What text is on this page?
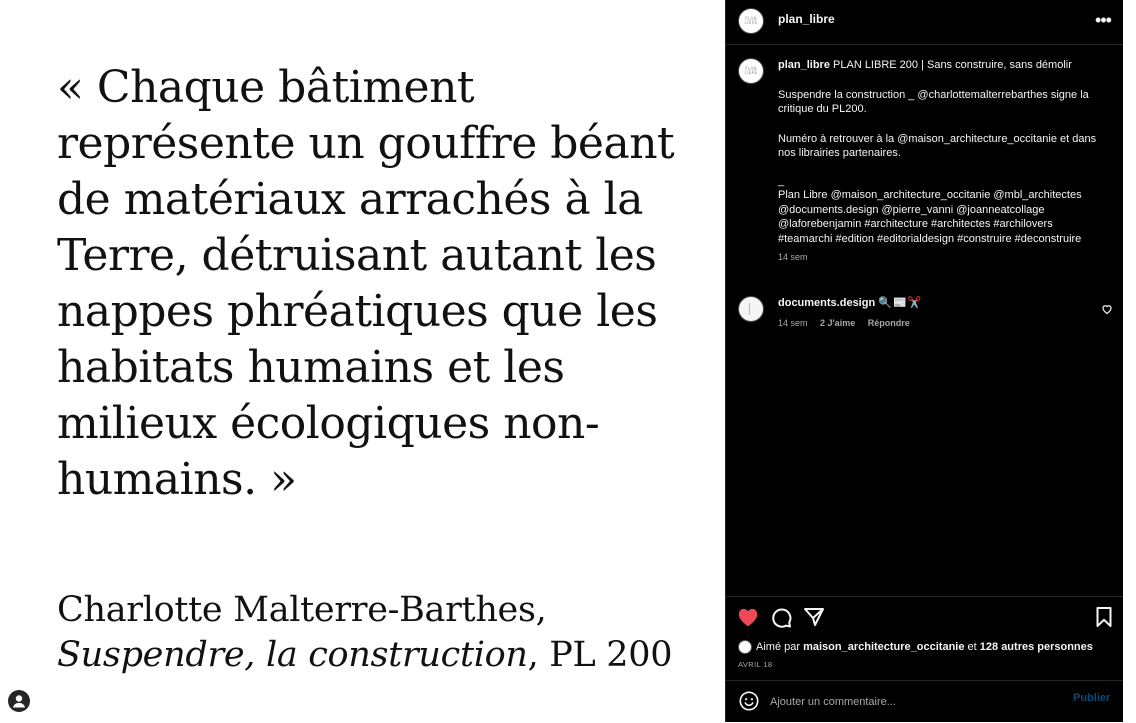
« Chaque bâtiment représente un gouffre béant de matériaux arrachés à la Terre, détruisant autant les nappes phréatiques que les habitats humains et les milieux écologiques non-humains. »

Charlotte Malterre-Barthes,
Suspendre, la construction, PL 200
PLAN LIBRE	plan_libre	•••
PLAN LIBRE

plan_libre PLAN LIBRE 200 | Sans construire, sans démolir

Suspendre la construction _ @charlottemalterrebarthes signe la critique du PL200.

Numéro à retrouver à la @maison_architecture_occitanie et dans nos librairies partenaires.

_

Plan Libre @maison_architecture_occitanie @mbl_architectes @documents.design @pierre_vanni @joanneatcollage @laforebenjamin #architecture #architectes #archilovers #teamarchi #edition #editorialdesign #construire #deconstruire

14 sem
documents.design 🔍📰✂️
14 sem 2 J'aime Répondre
Aimé par maison_architecture_occitanie et 128 autres personnes
AVRIL 18
Ajouter un commentaire...
Publier
